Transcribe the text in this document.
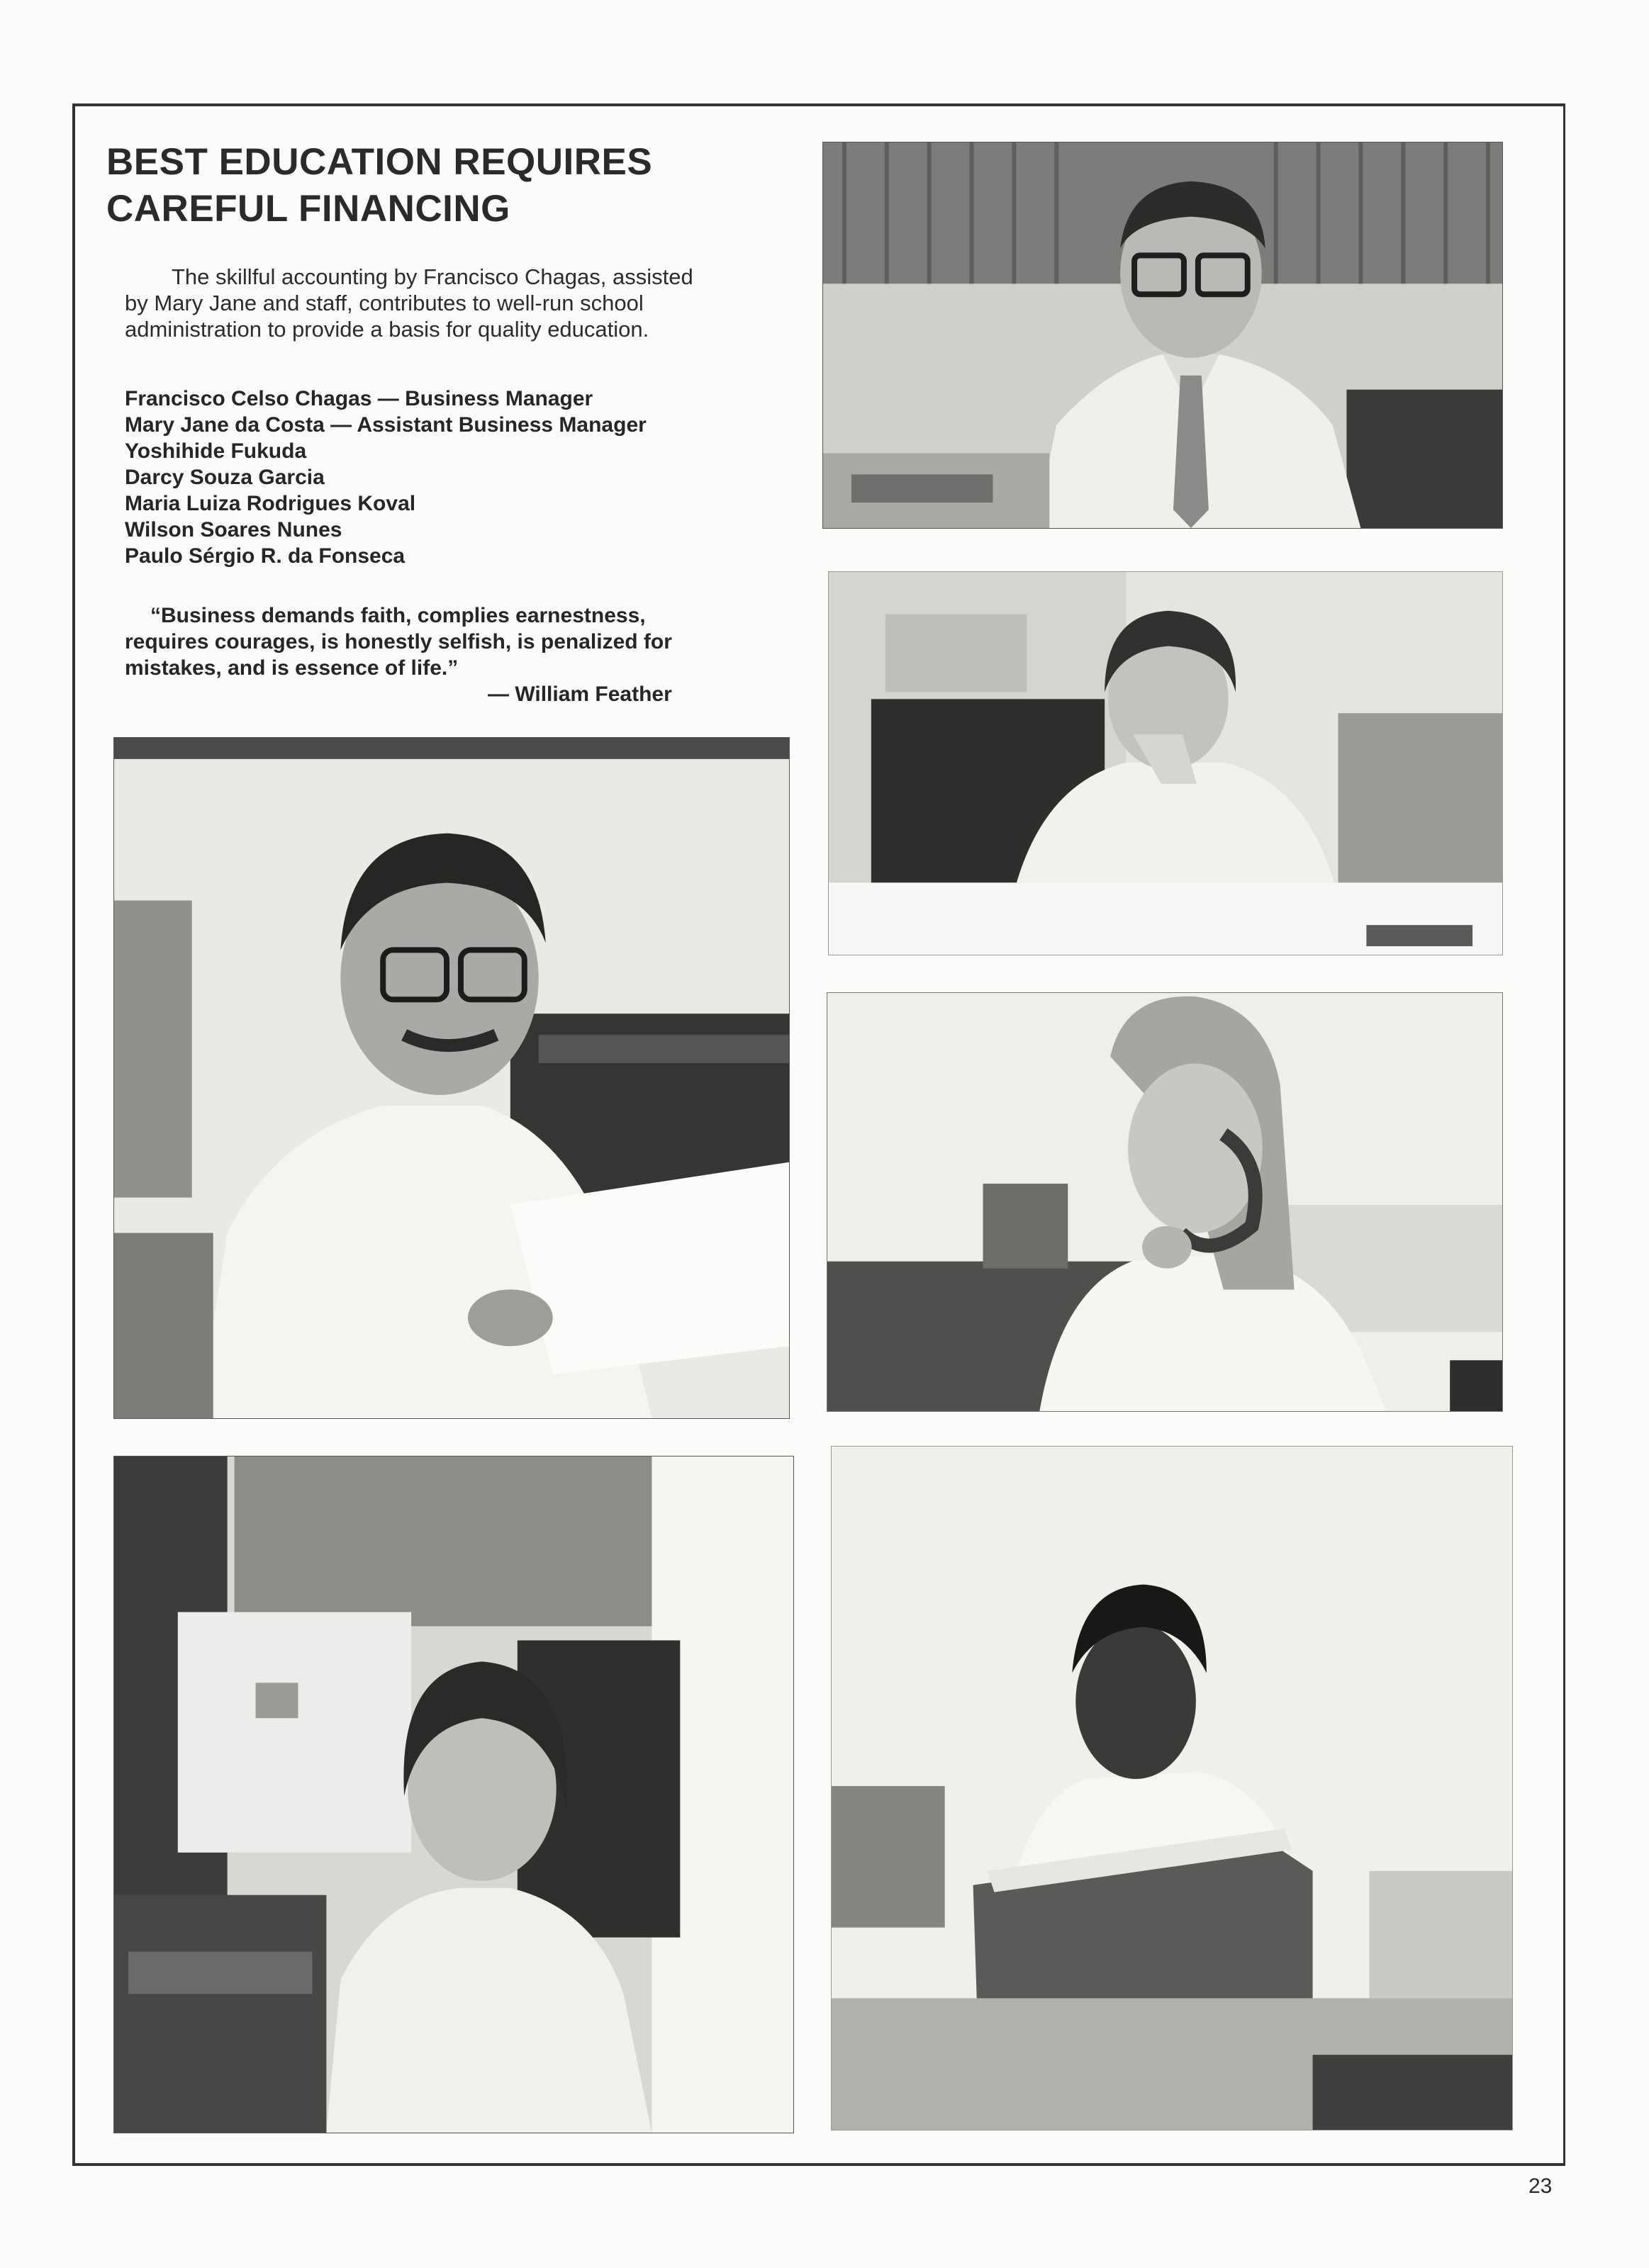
BEST EDUCATION REQUIRES
CAREFUL FINANCING

The skillful accounting by Francisco Chagas, assisted
by Mary Jane and staff, contributes to well-run school
administration to provide a basis for quality education.

Francisco Celso Chagas — Business Manager
Mary Jane da Costa — Assistant Business Manager
Yoshihide Fukuda
Darcy Souza Garcia
Maria Luiza Rodrigues Koval
Wilson Soares Nunes
Paulo Sérgio R. da Fonseca

“Business demands faith, complies earnestness,
requires courages, is honestly selfish, is penalized for
mistakes, and is essence of life.”

— William Feather

23
